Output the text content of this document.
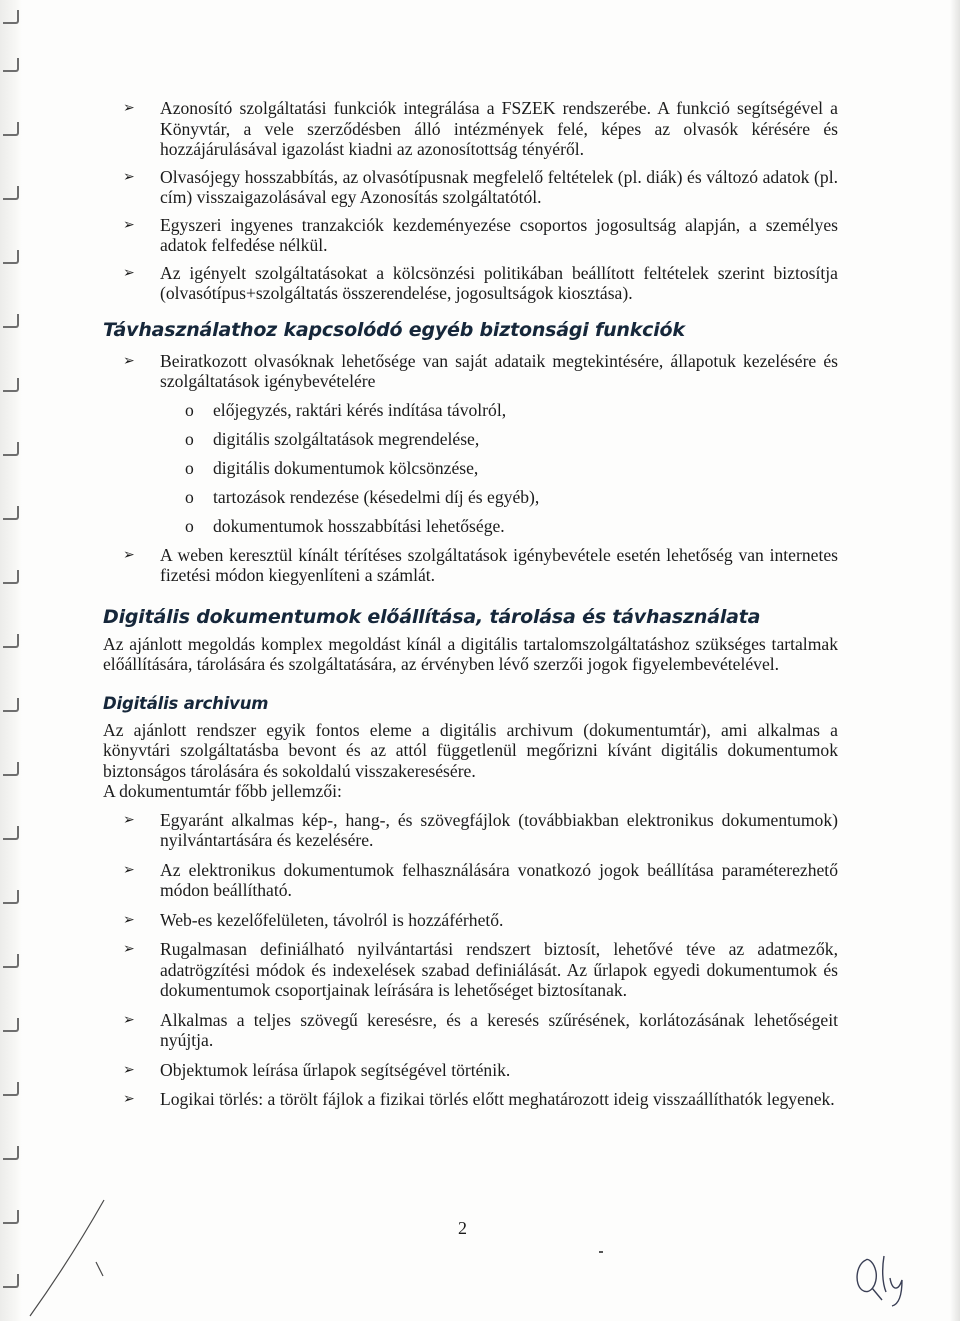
➢ Azonosító szolgáltatási funkciók integrálása a FSZEK rendszerébe. A funkció segítségével a Könyvtár, a vele szerződésben álló intézmények felé, képes az olvasók kérésére és hozzájárulásával igazolást kiadni az azonosítottság tényéről.
➢ Olvasójegy hosszabbítás, az olvasótípusnak megfelelő feltételek (pl. diák) és változó adatok (pl. cím) visszaigazolásával egy Azonosítás szolgáltatótól.
➢ Egyszeri ingyenes tranzakciók kezdeményezése csoportos jogosultság alapján, a személyes adatok felfedése nélkül.
➢ Az igényelt szolgáltatásokat a kölcsönzési politikában beállított feltételek szerint biztosítja (olvasótípus+szolgáltatás összerendelése, jogosultságok kiosztása).
Távhasználathoz kapcsolódó egyéb biztonsági funkciók
➢ Beiratkozott olvasóknak lehetősége van saját adataik megtekintésére, állapotuk kezelésére és szolgáltatások igénybevételére
o előjegyzés, raktári kérés indítása távolról,
o digitális szolgáltatások megrendelése,
o digitális dokumentumok kölcsönzése,
o tartozások rendezése (késedelmi díj és egyéb),
o dokumentumok hosszabbítási lehetősége.
➢ A weben keresztül kínált térítéses szolgáltatások igénybevétele esetén lehetőség van internetes fizetési módon kiegyenlíteni a számlát.
Digitális dokumentumok előállítása, tárolása és távhasználata
Az ajánlott megoldás komplex megoldást kínál a digitális tartalomszolgáltatáshoz szükséges tartalmak előállítására, tárolására és szolgáltatására, az érvényben lévő szerzői jogok figyelembevételével.
Digitális archivum
Az ajánlott rendszer egyik fontos eleme a digitális archivum (dokumentumtár), ami alkalmas a könyvtári szolgáltatásba bevont és az attól függetlenül megőrizni kívánt digitális dokumentumok biztonságos tárolására és sokoldalú visszakeresésére.
A dokumentumtár főbb jellemzői:
➢ Egyaránt alkalmas kép-, hang-, és szövegfájlok (továbbiakban elektronikus dokumentumok) nyilvántartására és kezelésére.
➢ Az elektronikus dokumentumok felhasználására vonatkozó jogok beállítása paraméterezhető módon beállítható.
➢ Web-es kezelőfelületen, távolról is hozzáférhető.
➢ Rugalmasan definiálható nyilvántartási rendszert biztosít, lehetővé téve az adatmezők, adatrögzítési módok és indexelések szabad definiálását. Az űrlapok egyedi dokumentumok és dokumentumok csoportjainak leírására is lehetőséget biztosítanak.
➢ Alkalmas a teljes szövegű keresésre, és a keresés szűrésének, korlátozásának lehetőségeit nyújtja.
➢ Objektumok leírása űrlapok segítségével történik.
➢ Logikai törlés: a törölt fájlok a fizikai törlés előtt meghatározott ideig visszaállíthatók legyenek.
2
